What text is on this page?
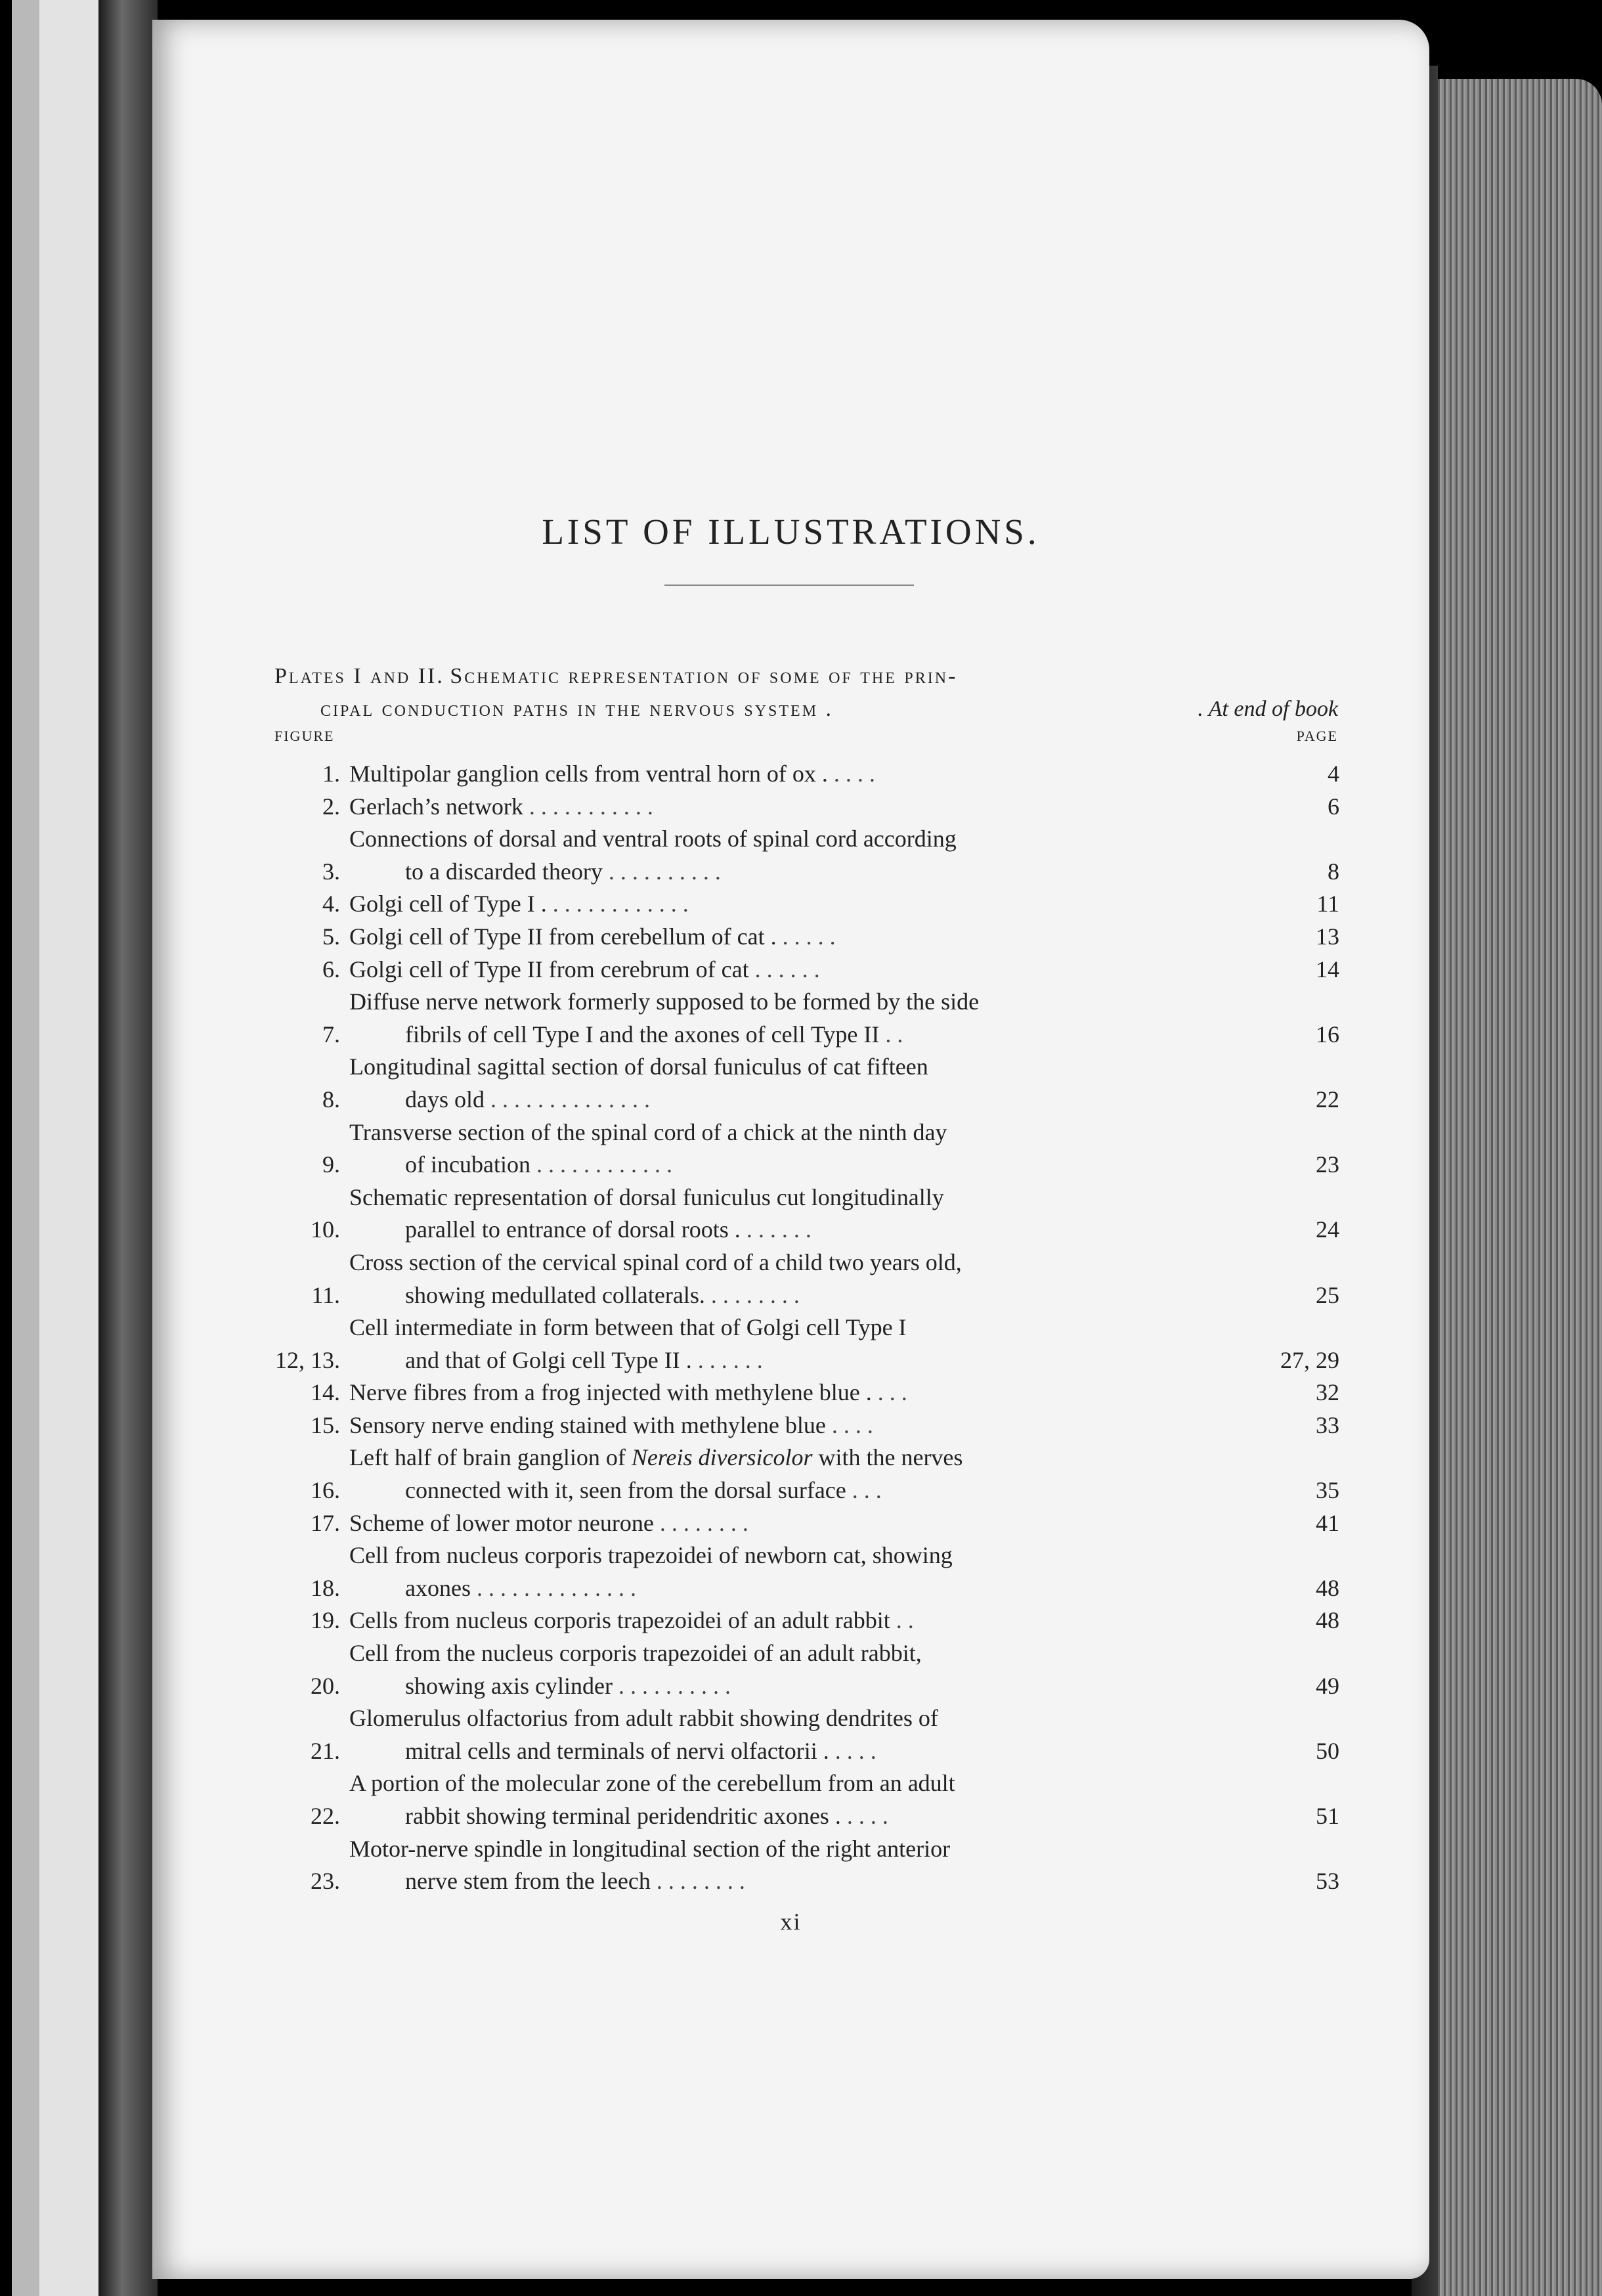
LIST OF ILLUSTRATIONS.
Plates I and II. Schematic representation of some of the prin-
cipal conduction paths in the nervous system .	. At end of book
FIGURE	PAGE
1. Multipolar ganglion cells from ventral horn of ox . . . . .	4
2. Gerlach’s network . . . . . . . . . . .	6
3.
Connections of dorsal and ventral roots of spinal cord according
to a discarded theory . . . . . . . . . .	8
4. Golgi cell of Type I . . . . . . . . . . . . .	11
5. Golgi cell of Type II from cerebellum of cat . . . . . .	13
6. Golgi cell of Type II from cerebrum of cat . . . . . .	14
7.
Diffuse nerve network formerly supposed to be formed by the side
fibrils of cell Type I and the axones of cell Type II . .	16
8.
Longitudinal sagittal section of dorsal funiculus of cat fifteen
days old . . . . . . . . . . . . . .	22
9.
Transverse section of the spinal cord of a chick at the ninth day
of incubation . . . . . . . . . . . .	23
10.
Schematic representation of dorsal funiculus cut longitudinally
parallel to entrance of dorsal roots . . . . . . .	24
11.
Cross section of the cervical spinal cord of a child two years old,
showing medullated collaterals. . . . . . . . .	25
12, 13.
Cell intermediate in form between that of Golgi cell Type I
and that of Golgi cell Type II . . . . . . .	27, 29
14. Nerve fibres from a frog injected with methylene blue . . . .	32
15. Sensory nerve ending stained with methylene blue . . . .	33
16.
Left half of brain ganglion of Nereis diversicolor with the nerves
connected with it, seen from the dorsal surface . . .	35
17. Scheme of lower motor neurone . . . . . . . .	41
18.
Cell from nucleus corporis trapezoidei of newborn cat, showing
axones . . . . . . . . . . . . . .	48
19. Cells from nucleus corporis trapezoidei of an adult rabbit . .	48
20.
Cell from the nucleus corporis trapezoidei of an adult rabbit,
showing axis cylinder . . . . . . . . . .	49
21.
Glomerulus olfactorius from adult rabbit showing dendrites of
mitral cells and terminals of nervi olfactorii . . . . .	50
22.
A portion of the molecular zone of the cerebellum from an adult
rabbit showing terminal peridendritic axones . . . . .	51
23.
Motor-nerve spindle in longitudinal section of the right anterior
nerve stem from the leech . . . . . . . .	53
xi
